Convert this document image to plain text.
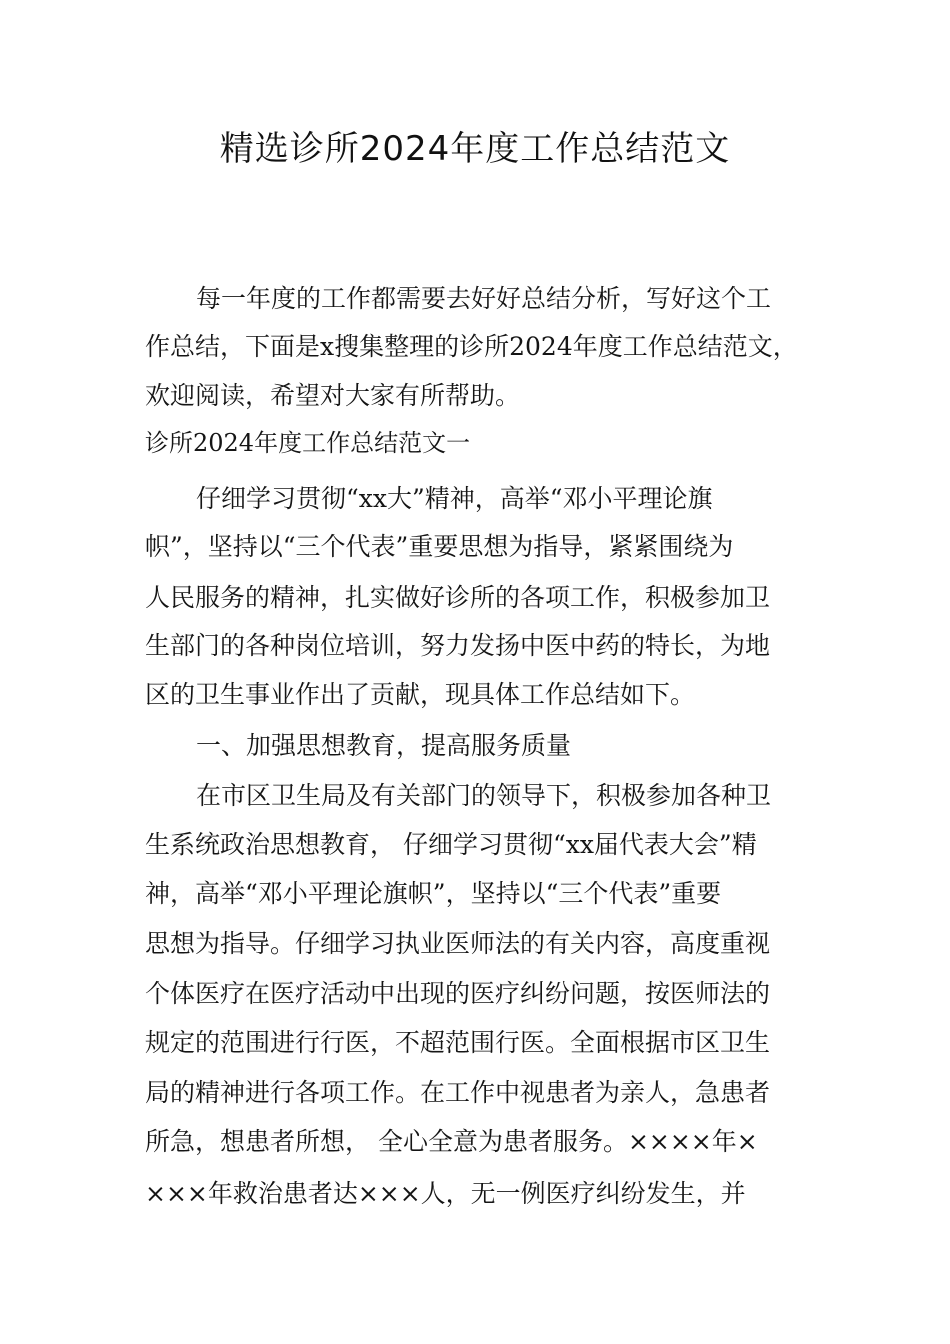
精选诊所2024年度工作总结范文
每一年度的工作都需要去好好总结分析，写好这个工
作总结，下面是x搜集整理的诊所2024年度工作总结范文，
欢迎阅读，希望对大家有所帮助。
诊所2024年度工作总结范文一
仔细学习贯彻“xx大”精神，高举“邓小平理论旗
帜”，坚持以“三个代表”重要思想为指导，紧紧围绕为
人民服务的精神，扎实做好诊所的各项工作，积极参加卫
生部门的各种岗位培训，努力发扬中医中药的特长，为地
区的卫生事业作出了贡献，现具体工作总结如下。
一、加强思想教育，提高服务质量
在市区卫生局及有关部门的领导下，积极参加各种卫
生系统政治思想教育， 仔细学习贯彻“xx届代表大会”精
神，高举“邓小平理论旗帜”，坚持以“三个代表”重要
思想为指导。仔细学习执业医师法的有关内容，高度重视
个体医疗在医疗活动中出现的医疗纠纷问题，按医师法的
规定的范围进行行医，不超范围行医。全面根据市区卫生
局的精神进行各项工作。在工作中视患者为亲人，急患者
所急，想患者所想， 全心全意为患者服务。××××年×
×××年救治患者达×××人，无一例医疗纠纷发生，并
